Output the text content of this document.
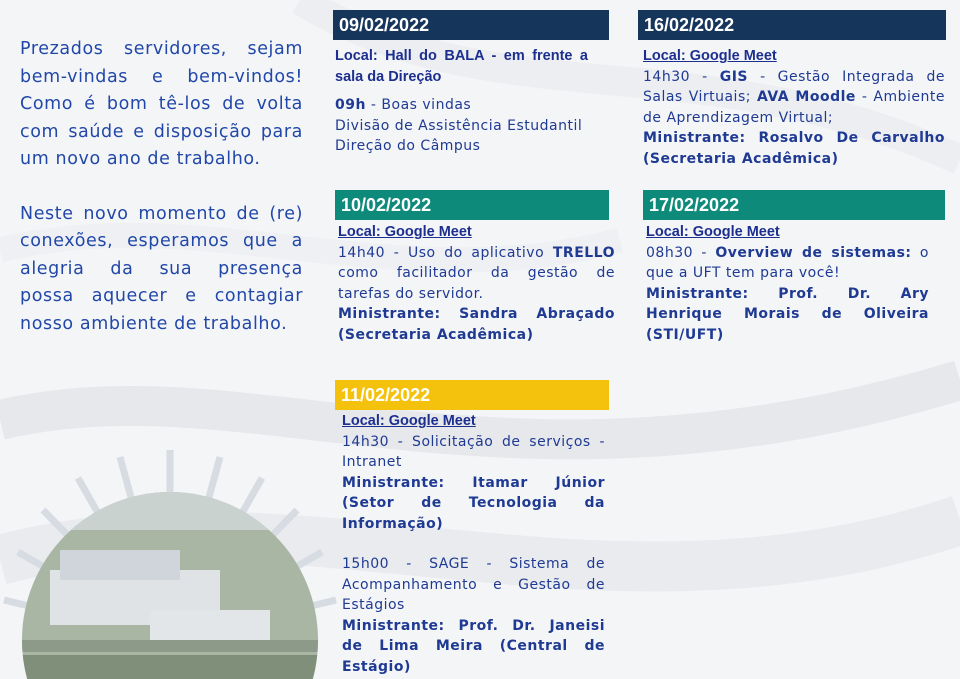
Prezados servidores, sejam bem-vindas e bem-vindos! Como é bom tê-los de volta com saúde e disposição para um novo ano de trabalho.

Neste novo momento de (re) conexões, esperamos que a alegria da sua presença possa aquecer e contagiar nosso ambiente de trabalho.

09/02/2022
Local: Hall do BALA - em frente a sala da Direção
09h - Boas vindas
Divisão de Assistência Estudantil
Direção do Câmpus
10/02/2022
Local: Google Meet
14h40 - Uso do aplicativo TRELLO como facilitador da gestão de tarefas do servidor.
Ministrante: Sandra Abraçado (Secretaria Acadêmica)
11/02/2022
Local: Google Meet
14h30 - Solicitação de serviços - Intranet
Ministrante: Itamar Júnior (Setor de Tecnologia da Informação)
15h00 - SAGE - Sistema de Acompanhamento e Gestão de Estágios
Ministrante: Prof. Dr. Janeisi de Lima Meira (Central de Estágio)
16/02/2022
Local: Google Meet
14h30 - GIS - Gestão Integrada de Salas Virtuais; AVA Moodle - Ambiente de Aprendizagem Virtual;
Ministrante: Rosalvo De Carvalho (Secretaria Acadêmica)
17/02/2022
Local: Google Meet
08h30 - Overview de sistemas: o que a UFT tem para você!
Ministrante: Prof. Dr. Ary Henrique Morais de Oliveira (STI/UFT)
